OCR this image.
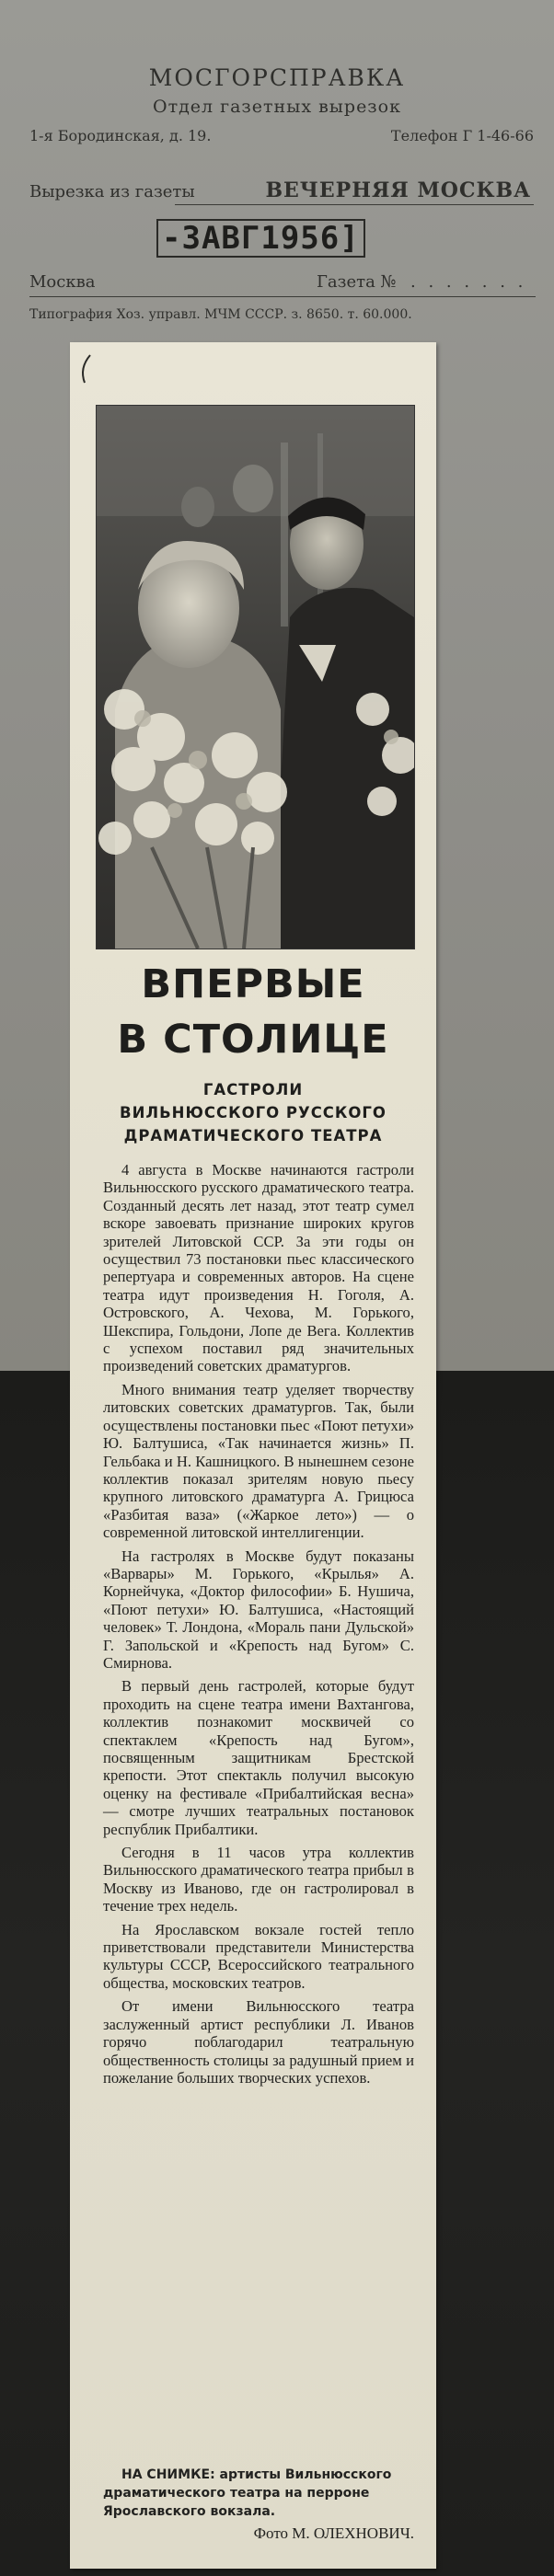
МОСГОРСПРАВКА
Отдел газетных вырезок
1-я Бородинская, д. 19.	Телефон Г 1-46-66
Вырезка из газеты	ВЕЧЕРНЯЯ МОСКВА
-3АВГ1956]
Москва	Газета № . . . . . . .
Типография Хоз. управл. МЧМ СССР. з. 8650. т. 60.000.
ВПЕРВЫЕ
В СТОЛИЦЕ
ГАСТРОЛИ
ВИЛЬНЮССКОГО РУССКОГО
ДРАМАТИЧЕСКОГО ТЕАТРА

4 августа в Москве начинаются гастроли Вильнюсского русского драматического театра. Созданный десять лет назад, этот театр сумел вскоре завоевать признание широких кругов зрителей Литовской ССР. За эти годы он осуществил 73 постановки пьес классического репертуара и современных авторов. На сцене театра идут произведения Н. Гоголя, А. Островского, А. Чехова, М. Горького, Шекспира, Гольдони, Лопе де Вега. Коллектив с успехом поставил ряд значительных произведений советских драматургов.

Много внимания театр уделяет творчеству литовских советских драматургов. Так, были осуществлены постановки пьес «Поют петухи» Ю. Балтушиса, «Так начинается жизнь» П. Гельбака и Н. Кашницкого. В нынешнем сезоне коллектив показал зрителям новую пьесу крупного литовского драматурга А. Грицюса «Разбитая ваза» («Жаркое лето») — о современной литовской интеллигенции.

На гастролях в Москве будут показаны «Варвары» М. Горького, «Крылья» А. Корнейчука, «Доктор философии» Б. Нушича, «Поют петухи» Ю. Балтушиса, «Настоящий человек» Т. Лондона, «Мораль пани Дульской» Г. Запольской и «Крепость над Бугом» С. Смирнова.

В первый день гастролей, которые будут проходить на сцене театра имени Вахтангова, коллектив познакомит москвичей со спектаклем «Крепость над Бугом», посвященным защитникам Брестской крепости. Этот спектакль получил высокую оценку на фестивале «Прибалтийская весна» — смотре лучших театральных постановок республик Прибалтики.

Сегодня в 11 часов утра коллектив Вильнюсского драматического театра прибыл в Москву из Иваново, где он гастролировал в течение трех недель.

На Ярославском вокзале гостей тепло приветствовали представители Министерства культуры СССР, Всероссийского театрального общества, московских театров.

От имени Вильнюсского театра заслуженный артист республики Л. Иванов горячо поблагодарил театральную общественность столицы за радушный прием и пожелание больших творческих успехов.

НА СНИМКЕ: артисты Вильнюсского драматического театра на перроне Ярославского вокзала.
Фото М. ОЛЕХНОВИЧ.
